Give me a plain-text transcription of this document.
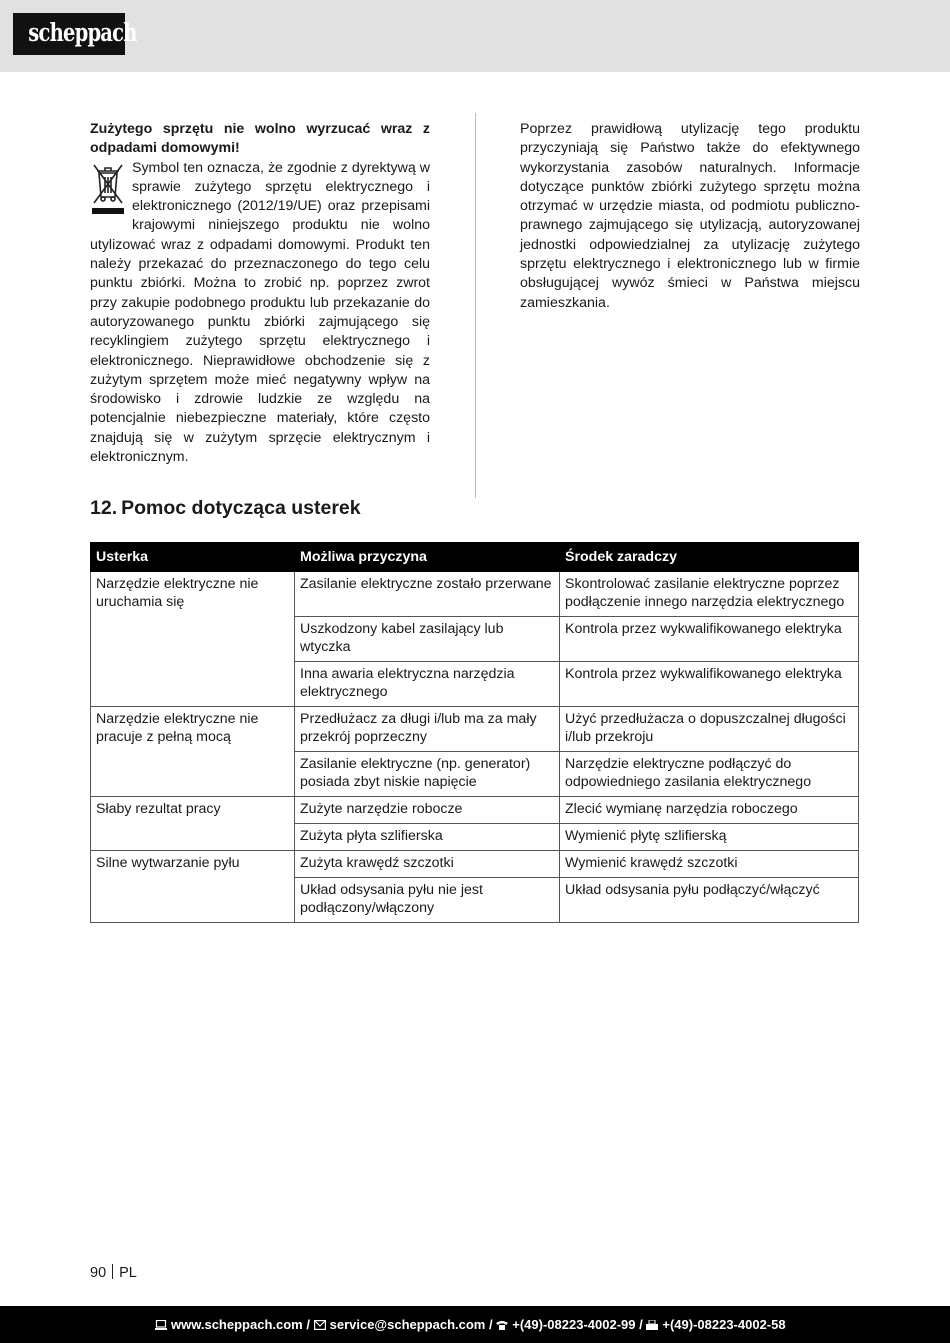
scheppach

Zużytego sprzętu nie wolno wyrzucać wraz z odpadami domowymi!

Symbol ten oznacza, że zgodnie z dyrektywą w sprawie zużytego sprzętu elektrycznego i elektronicznego (2012/19/UE) oraz przepisami krajowymi niniejszego produktu nie wolno utylizować wraz z odpadami domowymi. Produkt ten należy przekazać do przeznaczonego do tego celu punktu zbiórki. Można to zrobić np. poprzez zwrot przy zakupie podobnego produktu lub przekazanie do autoryzowanego punktu zbiórki zajmującego się recyklingiem zużytego sprzętu elektrycznego i elektronicznego. Nieprawidłowe obchodzenie się z zużytym sprzętem może mieć negatywny wpływ na środowisko i zdrowie ludzkie ze względu na potencjalnie niebezpieczne materiały, które często znajdują się w zużytym sprzęcie elektrycznym i elektronicznym.

Poprzez prawidłową utylizację tego produktu przyczyniają się Państwo także do efektywnego wykorzystania zasobów naturalnych. Informacje dotyczące punktów zbiórki zużytego sprzętu można otrzymać w urzędzie miasta, od podmiotu publiczno-prawnego zajmującego się utylizacją, autoryzowanej jednostki odpowiedzialnej za utylizację zużytego sprzętu elektrycznego i elektronicznego lub w firmie obsługującej wywóz śmieci w Państwa miejscu zamieszkania.

12. Pomoc dotycząca usterek
Usterka	Możliwa przyczyna	Środek zaradczy
Narzędzie elektryczne nie uruchamia się	Zasilanie elektryczne zostało przerwane	Skontrolować zasilanie elektryczne poprzez podłączenie innego narzędzia elektrycznego
	Uszkodzony kabel zasilający lub wtyczka	Kontrola przez wykwalifikowanego elektryka
	Inna awaria elektryczna narzędzia elektrycznego	Kontrola przez wykwalifikowanego elektryka
Narzędzie elektryczne nie pracuje z pełną mocą	Przedłużacz za długi i/lub ma za mały przekrój poprzeczny	Użyć przedłużacza o dopuszczalnej długości i/lub przekroju
	Zasilanie elektryczne (np. generator) posiada zbyt niskie napięcie	Narzędzie elektryczne podłączyć do odpowiedniego zasilania elektrycznego
Słaby rezultat pracy	Zużyte narzędzie robocze	Zlecić wymianę narzędzia roboczego
	Zużyta płyta szlifierska	Wymienić płytę szlifierską
Silne wytwarzanie pyłu	Zużyta krawędź szczotki	Wymienić krawędź szczotki
	Układ odsysania pyłu nie jest podłączony/włączony	Układ odsysania pyłu podłączyć/włączyć
90 PL
www.scheppach.com / service@scheppach.com / +(49)-08223-4002-99 / +(49)-08223-4002-58
